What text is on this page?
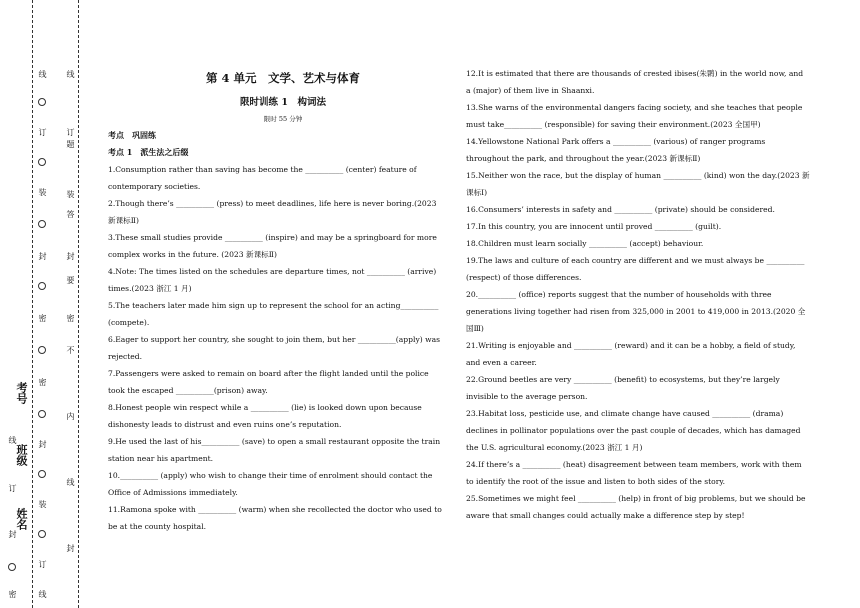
线
订
封
密
考号
班级
姓名
线
订
装
封
密
密
封
装
订
线
线
订
题
装
答
封
要
密
不
内
线
封
第 4 单元　文学、艺术与体育
限时训练 1　构词法
限时 55 分钟
考点　巩固练
考点 1　派生法之后缀

1.Consumption rather than saving has become the __________ (center) feature of contemporary societies.

2.Though there’s __________ (press) to meet deadlines, life here is never boring.(2023 新课标Ⅱ)

3.These small studies provide __________ (inspire) and may be a springboard for more complex works in the future. (2023 新课标Ⅱ)

4.Note: The times listed on the schedules are departure times, not __________ (arrive) times.(2023 浙江 1 月)

5.The teachers later made him sign up to represent the school for an acting__________ (compete).

6.Eager to support her country, she sought to join them, but her __________(apply) was rejected.

7.Passengers were asked to remain on board after the flight landed until the police took the escaped __________(prison) away.

8.Honest people win respect while a __________ (lie) is looked down upon because dishonesty leads to distrust and even ruins one’s reputation.

9.He used the last of his__________ (save) to open a small restaurant opposite the train station near his apartment.

10.__________ (apply) who wish to change their time of enrolment should contact the Office of Admissions immediately.

11.Ramona spoke with __________ (warm) when she recollected the doctor who used to be at the county hospital.

12.It is estimated that there are thousands of crested ibises(朱鹮) in the world now, and a (major) of them live in Shaanxi.

13.She warns of the environmental dangers facing society, and she teaches that people must take__________ (responsible) for saving their environment.(2023 全国甲)

14.Yellowstone National Park offers a __________ (various) of ranger programs throughout the park, and throughout the year.(2023 新课标Ⅱ)

15.Neither won the race, but the display of human __________ (kind) won the day.(2023 新课标Ⅰ)

16.Consumers’ interests in safety and __________ (private) should be considered.

17.In this country, you are innocent until proved __________ (guilt).

18.Children must learn socially __________ (accept) behaviour.

19.The laws and culture of each country are different and we must always be __________ (respect) of those differences.

20.__________ (office) reports suggest that the number of households with three generations living together had risen from 325,000 in 2001 to 419,000 in 2013.(2020 全国Ⅲ)

21.Writing is enjoyable and __________ (reward) and it can be a hobby, a field of study, and even a career.

22.Ground beetles are very __________ (benefit) to ecosystems, but they’re largely invisible to the average person.

23.Habitat loss, pesticide use, and climate change have caused __________ (drama) declines in pollinator populations over the past couple of decades, which has damaged the U.S. agricultural economy.(2023 浙江 1 月)

24.If there’s a __________ (heat) disagreement between team members, work with them to identify the root of the issue and listen to both sides of the story.

25.Sometimes we might feel __________ (help) in front of big problems, but we should be aware that small changes could actually make a difference step by step!
